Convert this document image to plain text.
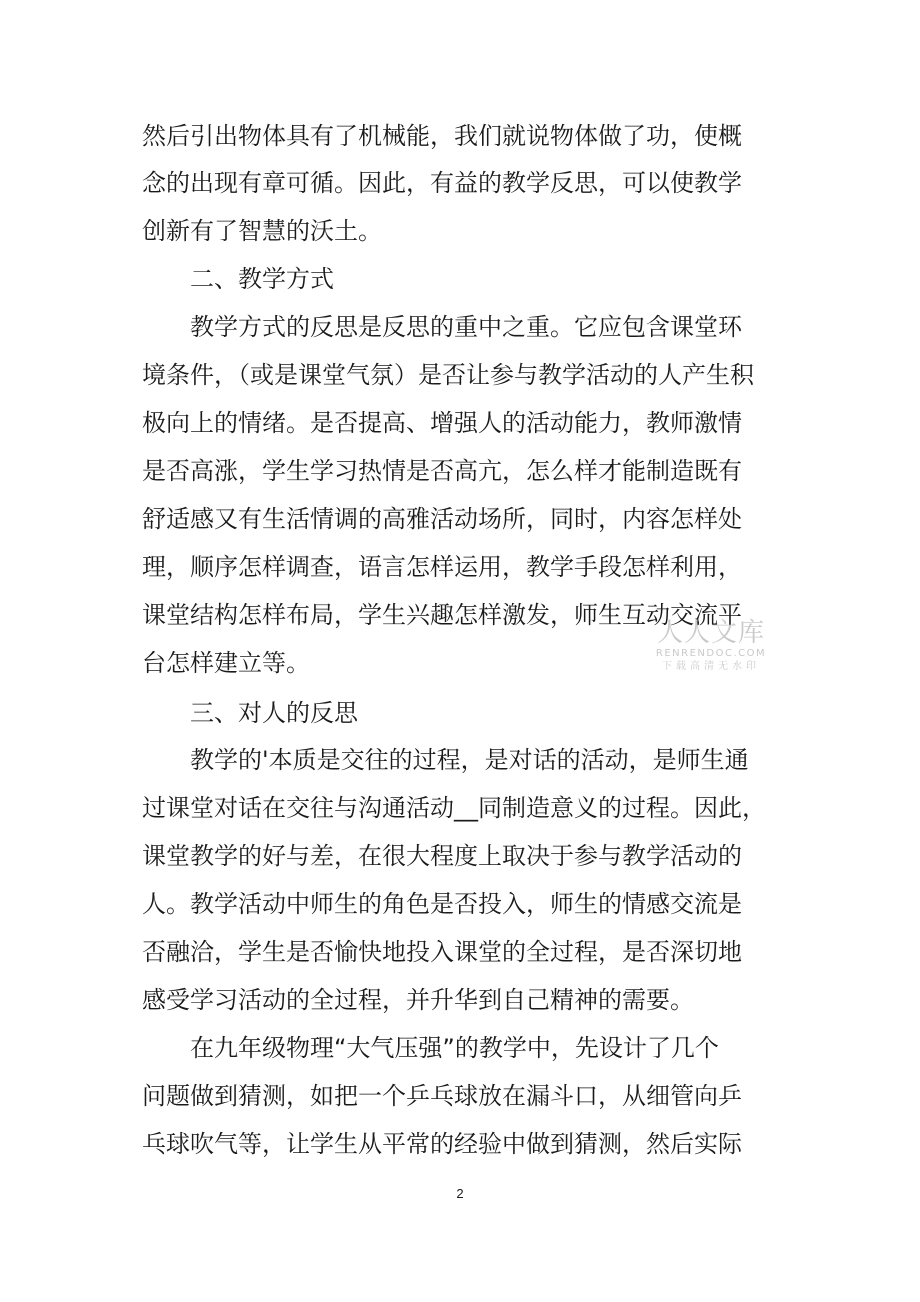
然后引出物体具有了机械能，我们就说物体做了功，使概
念的出现有章可循。因此，有益的教学反思，可以使教学
创新有了智慧的沃土。
二、教学方式
教学方式的反思是反思的重中之重。它应包含课堂环
境条件，（或是课堂气氛）是否让参与教学活动的人产生积
极向上的情绪。是否提高、增强人的活动能力，教师激情
是否高涨，学生学习热情是否高亢，怎么样才能制造既有
舒适感又有生活情调的高雅活动场所，同时，内容怎样处
理，顺序怎样调查，语言怎样运用，教学手段怎样利用，
课堂结构怎样布局，学生兴趣怎样激发，师生互动交流平
台怎样建立等。
三、对人的反思
教学的'本质是交往的过程，是对话的活动，是师生通
过课堂对话在交往与沟通活动__同制造意义的过程。因此，
课堂教学的好与差，在很大程度上取决于参与教学活动的
人。教学活动中师生的角色是否投入，师生的情感交流是
否融洽，学生是否愉快地投入课堂的全过程，是否深切地
感受学习活动的全过程，并升华到自己精神的需要。
在九年级物理“大气压强”的教学中，先设计了几个
问题做到猜测，如把一个乒乓球放在漏斗口，从细管向乒
乓球吹气等，让学生从平常的经验中做到猜测，然后实际
人人文库
RENRENDOC.COM
下载高清无水印
2
